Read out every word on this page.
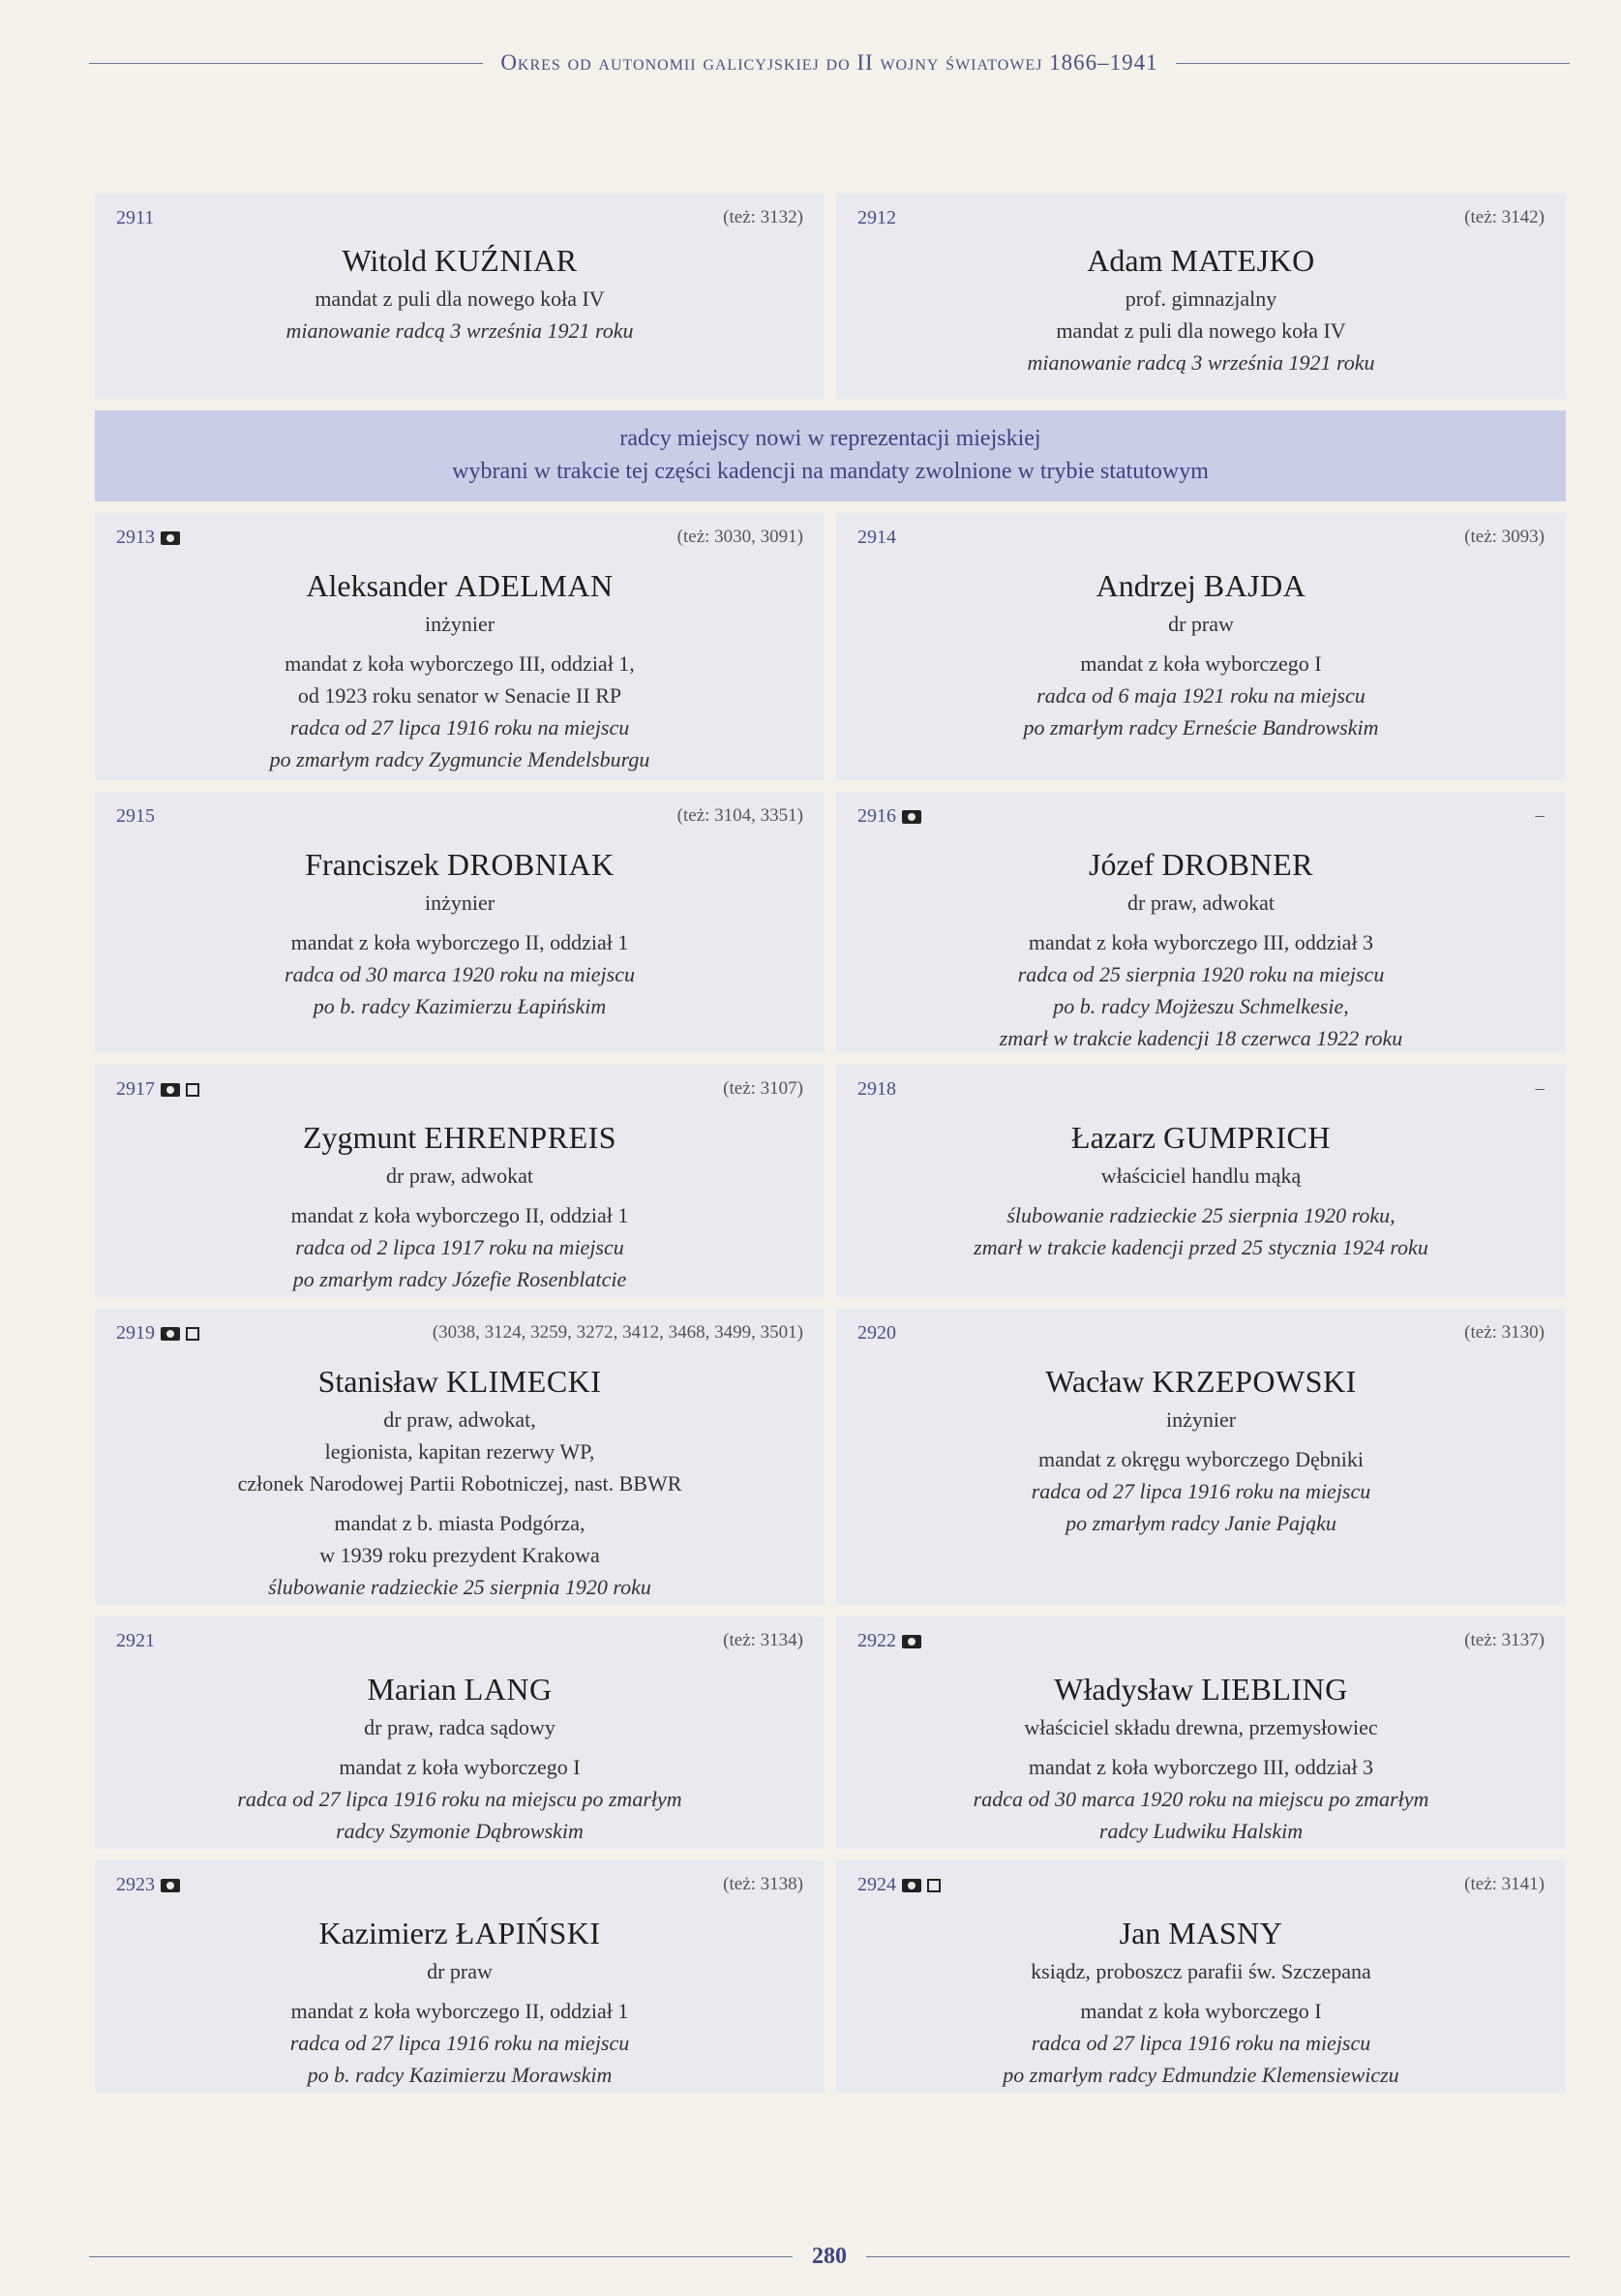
Okres od autonomii galicyjskiej do II wojny światowej 1866–1941
2911	(też: 3132)
Witold KUŹNIAR
mandat z puli dla nowego koła IV
mianowanie radcą 3 września 1921 roku
2912	(też: 3142)
Adam MATEJKO
prof. gimnazjalny
mandat z puli dla nowego koła IV
mianowanie radcą 3 września 1921 roku
radcy miejscy nowi w reprezentacji miejskiej
wybrani w trakcie tej części kadencji na mandaty zwolnione w trybie statutowym
2913	(też: 3030, 3091)
Aleksander ADELMAN
inżynier
mandat z koła wyborczego III, oddział 1,
od 1923 roku senator w Senacie II RP
radca od 27 lipca 1916 roku na miejscu
po zmarłym radcy Zygmuncie Mendelsburgu
2914	(też: 3093)
Andrzej BAJDA
dr praw
mandat z koła wyborczego I
radca od 6 maja 1921 roku na miejscu
po zmarłym radcy Erneście Bandrowskim
2915	(też: 3104, 3351)
Franciszek DROBNIAK
inżynier
mandat z koła wyborczego II, oddział 1
radca od 30 marca 1920 roku na miejscu
po b. radcy Kazimierzu Łapińskim
2916	–
Józef DROBNER
dr praw, adwokat
mandat z koła wyborczego III, oddział 3
radca od 25 sierpnia 1920 roku na miejscu
po b. radcy Mojżeszu Schmelkesie,
zmarł w trakcie kadencji 18 czerwca 1922 roku
2917	(też: 3107)
Zygmunt EHRENPREIS
dr praw, adwokat
mandat z koła wyborczego II, oddział 1
radca od 2 lipca 1917 roku na miejscu
po zmarłym radcy Józefie Rosenblatcie
2918	–
Łazarz GUMPRICH
właściciel handlu mąką
ślubowanie radzieckie 25 sierpnia 1920 roku,
zmarł w trakcie kadencji przed 25 stycznia 1924 roku
2919	(3038, 3124, 3259, 3272, 3412, 3468, 3499, 3501)
Stanisław KLIMECKI
dr praw, adwokat,
legionista, kapitan rezerwy WP,
członek Narodowej Partii Robotniczej, nast. BBWR
mandat z b. miasta Podgórza,
w 1939 roku prezydent Krakowa
ślubowanie radzieckie 25 sierpnia 1920 roku
2920	(też: 3130)
Wacław KRZEPOWSKI
inżynier
mandat z okręgu wyborczego Dębniki
radca od 27 lipca 1916 roku na miejscu
po zmarłym radcy Janie Pająku
2921	(też: 3134)
Marian LANG
dr praw, radca sądowy
mandat z koła wyborczego I
radca od 27 lipca 1916 roku na miejscu po zmarłym
radcy Szymonie Dąbrowskim
2922	(też: 3137)
Władysław LIEBLING
właściciel składu drewna, przemysłowiec
mandat z koła wyborczego III, oddział 3
radca od 30 marca 1920 roku na miejscu po zmarłym
radcy Ludwiku Halskim
2923	(też: 3138)
Kazimierz ŁAPIŃSKI
dr praw
mandat z koła wyborczego II, oddział 1
radca od 27 lipca 1916 roku na miejscu
po b. radcy Kazimierzu Morawskim
2924	(też: 3141)
Jan MASNY
ksiądz, proboszcz parafii św. Szczepana
mandat z koła wyborczego I
radca od 27 lipca 1916 roku na miejscu
po zmarłym radcy Edmundzie Klemensiewiczu
280
